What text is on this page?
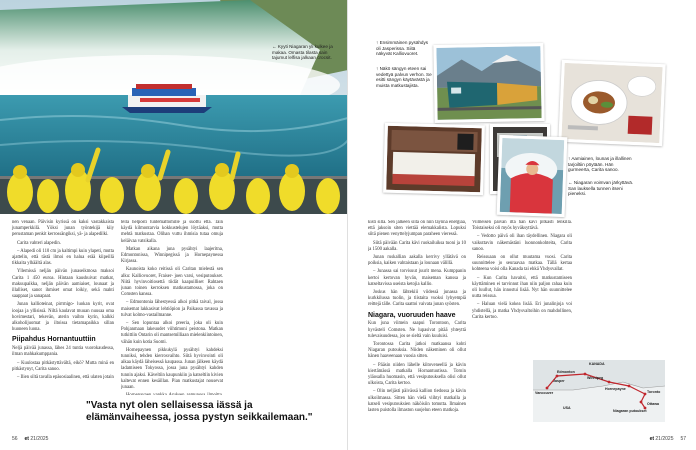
← Kyyti Niagaran yli kulkee ja makaa. Omasta tilasta sain tajumut lelfisa jalkaan crocsit.

nen venaan. Päivisin kyrissä on kaksi vastakkaista junamperkkilä. Yöksi junan työntekijä kiiy perustaman penkit kerrossängiksi, yä- ja alapedilki.

Carita vahteri alapedin.

– Alapedi oli 110 cm ja kaltimpi kuin ylapeti, mutta ajattelin, että tästä ilmoi en halua erää kiipeillä tikkaita ylhäältä alas.

Yllemissä neljän päivän junaseikmosa maksoi Carita 1 450 euroa. Hintaan kaushuivat matkat, makuupaikka, neljän päivän aamiaiset, lounaat ja illalliset, sanot ihmiset omat loikiy, sekä mahti saappaat ja sanapaat.

Junan kallioteinat, pirrmigo- luokan kyrit, ovat ioojaa ja yllisissä. Niltä kaulavat muuan nuusaa oma hovimestari, tekevän, aterin vaihto kyrin, kalkki alkoholijuomat ja iltoissa tietamapaikka sillan huoneen luona.

Piipahdus Hornantuuttiin

Neljä päivää junassa, lähes 24 tuntia vuorokaudessa, ilman mahkakumppania.

– Kuulostaa pitkästyttävältä, eikö? Mutta minä en pitkästynyt, Carita sanoo.

– Ilien siltä tavalla epäsosiaalinen, että ulaten jotain

tellä helposti tuntemattomille ja suottu että. Tain käydä kilmontarvia kokkustelujen löytäaksi, mutta mehtä matkustaa. Olihan vuttu ihmisia tutaa omuja keläivaa vatsikalla.

Matkan aikana juna pysähtyi laajeritna, Edmontonissa, Winnipegissä ja Hornepaynessa Kirjassa.

Kaunoista koko reitissä oli Caritan mielestä sen alku: Kalliovuoret, Fraiser- joen varsi, vesiputoukset. Niitä hyvinvoitiosettä tiidät kaapuilliset Rahtaen junan toinen kerroksen matkustamossa, joka on Comsten kanssa.

– Edmontonia lähestyessä alkoi pitkä taival, jossa maisemat lakkasivat lehtiöpion ja Paikassa tavassa ja tulvat kolmo-vastailmanne.

– Sen lopuntaa alkoi preeria, joka oli kuin Pohjanmaan lakeuudet viihtimoni peistona. Matkan tutkittiin Ontarin oli mantsemilliaan mielenkiintoinen, vähän kuin kotia Suomi.

Hornepaynen pikkukylä pysähtyi kahdeksi tunniksi, tehden kierrosvaihto. Siitä hyvinvointi oli aikaa käydä läheisessä kaupassa. Junan jälkeen käydä ladamiseen Tokyossa, jossa juna pysähtyi kahden tunnin ajaksi. Käveltiin kaupunkiin ja katseltiin kivien kaltevat ennen kesäillan. Pian matkustajat nousevat junaan.

"Vasta nyt olen sellaisessa iässä ja elämänvaiheessa, jossa pystyn seikkailemaan."
56 et 21/2025	et 21/2025 57
↑ Ensimmäinen pysähdys oli Jasperissa. Siitä näkyvät Kalliovuoret.
↑ Näkö sängyn eteen sai vedettyä palvun verhon. Se esitti sängyn käytävästä ja muista matkustajista.
↑ Aamiainen, lounas ja illallinen tarjoiltiin pöytään. Hän gurmeerta, Carita sanoo.
← Niagaran voimvan järkyttävä. San lauksella tunnen itseni pieneksi.

kisti sillä. Sen jälkeen siitä on niin täynnä energiaa, että jaksoin siten viettää elemakkalista. Lopuksi siitä pienen venyttelyjumpan paraheen vieressä.

Siitä päivään Carita kävi ruokailuiksa tuoni ja 10 ja 1500 aakalla.

Junan ruskallian aakalla kerrivy yllätävä on poiksia, kaiken vahtaistaan ja lounaan välillä.

– Junassa sai torvisuut juurit mena. Kumppanin kertoi kertovan hyvän, maiseman kanssa ja katseltavissa useista ketojia kallio.

Joskus hän lähtekiii viidessä junassa ja kurkkilussa tuolin, ja tiistaita vuoksi lyhyempiä reittejä tälle. Carita saattoi vaivata junan syösten.

Niagara, vuoruuden haave

Kun juna viimein saapui Torontoon, Carita hyvästeli Comsten. Ne lupasivat pitää yhteyttä tulevaisuudessa, jos se sieltä vain kuuluisi.

Torontossa Carita jatkoi matkaansa kohti Niagaran putouksia. Niiden näkeminen oli ollut hänen haaveenaan vuosia sitten.

– Pääsin niiden lähelle kiitoveneellä ja kävin kiertämässä matkalla Hornantuutissa. Tornin yläosalla huomasin, että vesiputouksella olisi ollut ulkoista, Carita kertoo.

– Olin neljästi päivässä kallion tiedossa ja kävin ulkoilmassa. Sitten hän vielä viihtyi matkalla ja katseli vesiputouksien näköisiin tomutta. Ilmainen lasten puistolla ilmaston suojelun eteen matkoja.

Viimeisen päivän ilta hän kävi pitkästi lenkillä. Toistaiseksi oli myös hyväksyttävä.

– Vedotto päivä oli ihan täydellinen. Niagara oli vaikuttavin näkemästäni luonnonkohteita, Carita sanoo.

Reissuaan on ollut muutama vuosi. Carita suunnittelee jo seuraavaa matkaa. Tällä kertaa kohteena voisi olla Kanada tai ehkä Yhdysvallat.

– Kun Carita havaitsi, että matkustamiseen käyttäminen ei tarvinnut ihan niin paljon rahaa kuin oli luullut, hän innostui lisää. Nyt hän suunnittelee uutta reissua.

– Haluan vielä kokea lisää. Eri junalinjoja voi yhdistellä, ja matka Yhdysvaltoihin on mahdollinen, Carita kertoo.

KANADA
Edmonton
Jasper
Vancouver
Winnipeg
Hornepayne
Toronto
Niagaran putoukset
Ottawa
USA
